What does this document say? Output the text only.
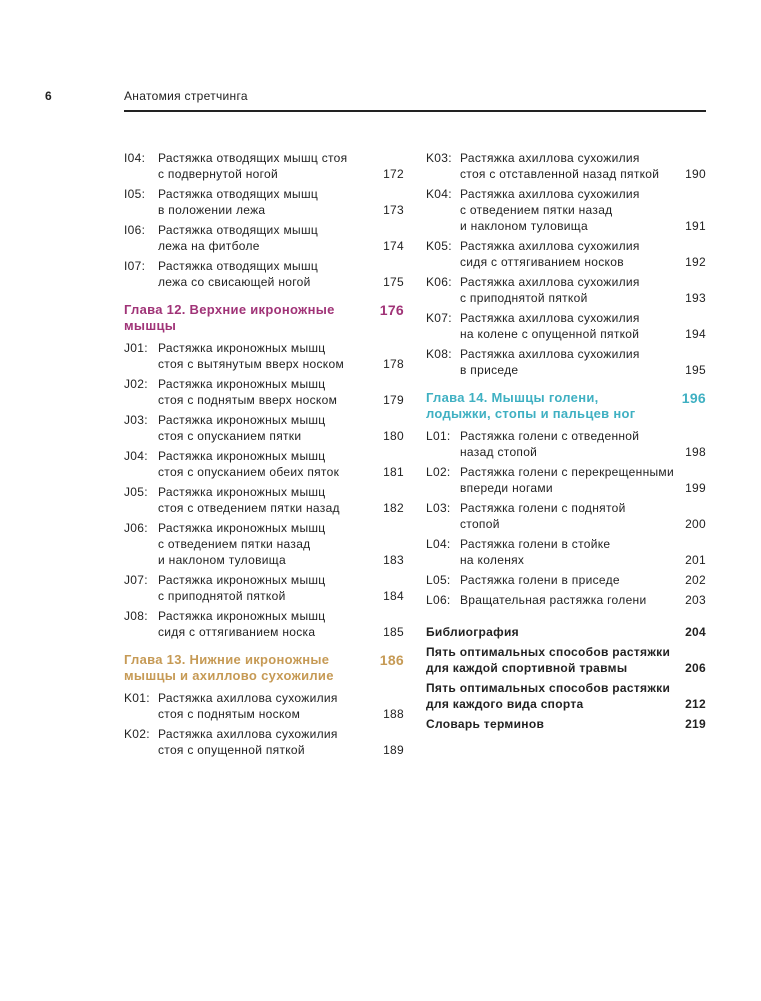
6	Анатомия стретчинга
I04:	Растяжка отводящих мышц стоя
с подвернутой ногой	172
I05:	Растяжка отводящих мышц
в положении лежа	173
I06:	Растяжка отводящих мышц
лежа на фитболе	174
I07:	Растяжка отводящих мышц
лежа со свисающей ногой	175
Глава 12. Верхние икроножные	176
мышцы
J01: Растяжка икроножных мышц
стоя с вытянутым вверх носком	178
J02: Растяжка икроножных мышц
стоя с поднятым вверх носком	179
J03: Растяжка икроножных мышц
стоя с опусканием пятки	180
J04: Растяжка икроножных мышц
стоя с опусканием обеих пяток	181
J05: Растяжка икроножных мышц
стоя с отведением пятки назад	182
J06: Растяжка икроножных мышц
с отведением пятки назад
и наклоном туловища	183
J07: Растяжка икроножных мышц
с приподнятой пяткой	184
J08: Растяжка икроножных мышц
сидя с оттягиванием носка	185
Глава 13. Нижние икроножные	186
мышцы и ахиллово сухожилие
K01: Растяжка ахиллова сухожилия
стоя с поднятым носком	188
K02: Растяжка ахиллова сухожилия
стоя с опущенной пяткой	189
K03: Растяжка ахиллова сухожилия
стоя с отставленной назад пяткой	190
K04: Растяжка ахиллова сухожилия
с отведением пятки назад
и наклоном туловища	191
K05: Растяжка ахиллова сухожилия
сидя с оттягиванием носков	192
K06: Растяжка ахиллова сухожилия
с приподнятой пяткой	193
K07: Растяжка ахиллова сухожилия
на колене с опущенной пяткой	194
K08: Растяжка ахиллова сухожилия
в приседе	195
Глава 14. Мышцы голени,	196
лодыжки, стопы и пальцев ног
L01: Растяжка голени с отведенной
назад стопой	198
L02: Растяжка голени с перекрещенными
впереди ногами	199
L03: Растяжка голени с поднятой
стопой	200
L04: Растяжка голени в стойке
на коленях	201
L05: Растяжка голени в приседе	202
L06: Вращательная растяжка голени	203
Библиография	204
Пять оптимальных способов растяжки
для каждой спортивной травмы	206
Пять оптимальных способов растяжки
для каждого вида спорта	212
Словарь терминов	219
